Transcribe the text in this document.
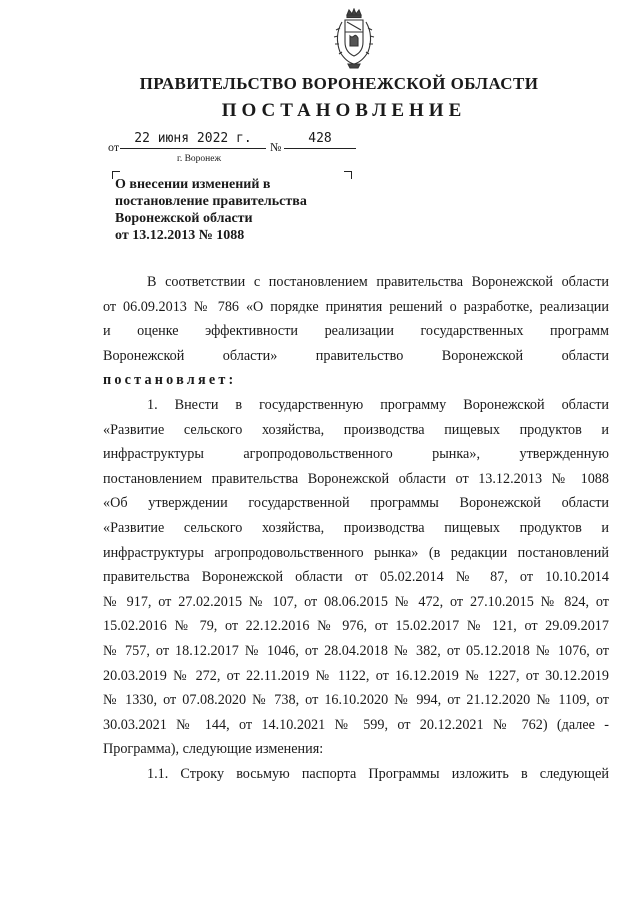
ПРАВИТЕЛЬСТВО ВОРОНЕЖСКОЙ ОБЛАСТИ
ПОСТАНОВЛЕНИЕ
от
22 июня 2022 г.
№
428
г. Воронеж
О внесении изменений в
постановление правительства
Воронежской области
от 13.12.2013 № 1088
В соответствии с постановлением правительства Воронежской области
от 06.09.2013 № 786 «О порядке принятия решений о разработке, реализации
и оценке эффективности реализации государственных программ
Воронежской области» правительство Воронежской области
постановляет:
1. Внести в государственную программу Воронежской области
«Развитие сельского хозяйства, производства пищевых продуктов и
инфраструктуры агропродовольственного рынка», утвержденную
постановлением правительства Воронежской области от 13.12.2013 № 1088
«Об утверждении государственной программы Воронежской области
«Развитие сельского хозяйства, производства пищевых продуктов и
инфраструктуры агропродовольственного рынка» (в редакции постановлений
правительства Воронежской области от 05.02.2014 № 87, от 10.10.2014
№ 917, от 27.02.2015 № 107, от 08.06.2015 № 472, от 27.10.2015 № 824, от
15.02.2016 № 79, от 22.12.2016 № 976, от 15.02.2017 № 121, от 29.09.2017
№ 757, от 18.12.2017 № 1046, от 28.04.2018 № 382, от 05.12.2018 № 1076, от
20.03.2019 № 272, от 22.11.2019 № 1122, от 16.12.2019 № 1227, от 30.12.2019
№ 1330, от 07.08.2020 № 738, от 16.10.2020 № 994, от 21.12.2020 № 1109, от
30.03.2021 № 144, от 14.10.2021 № 599, от 20.12.2021 № 762) (далее -
Программа), следующие изменения:
1.1. Строку восьмую паспорта Программы изложить в следующей
